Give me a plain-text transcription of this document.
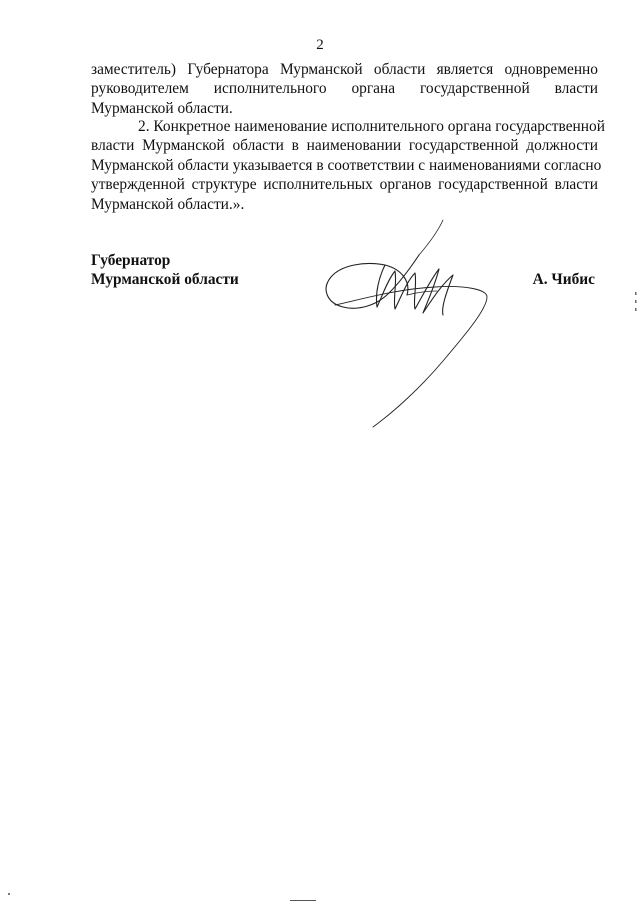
2
заместитель) Губернатора Мурманской области является одновременно
руководителем исполнительного органа государственной власти
Мурманской области.
2. Конкретное наименование исполнительного органа государственной
власти Мурманской области в наименовании государственной должности
Мурманской области указывается в соответствии с наименованиями согласно
утвержденной структуре исполнительных органов государственной власти
Мурманской области.».
Губернатор
Мурманской области	А. Чибис
